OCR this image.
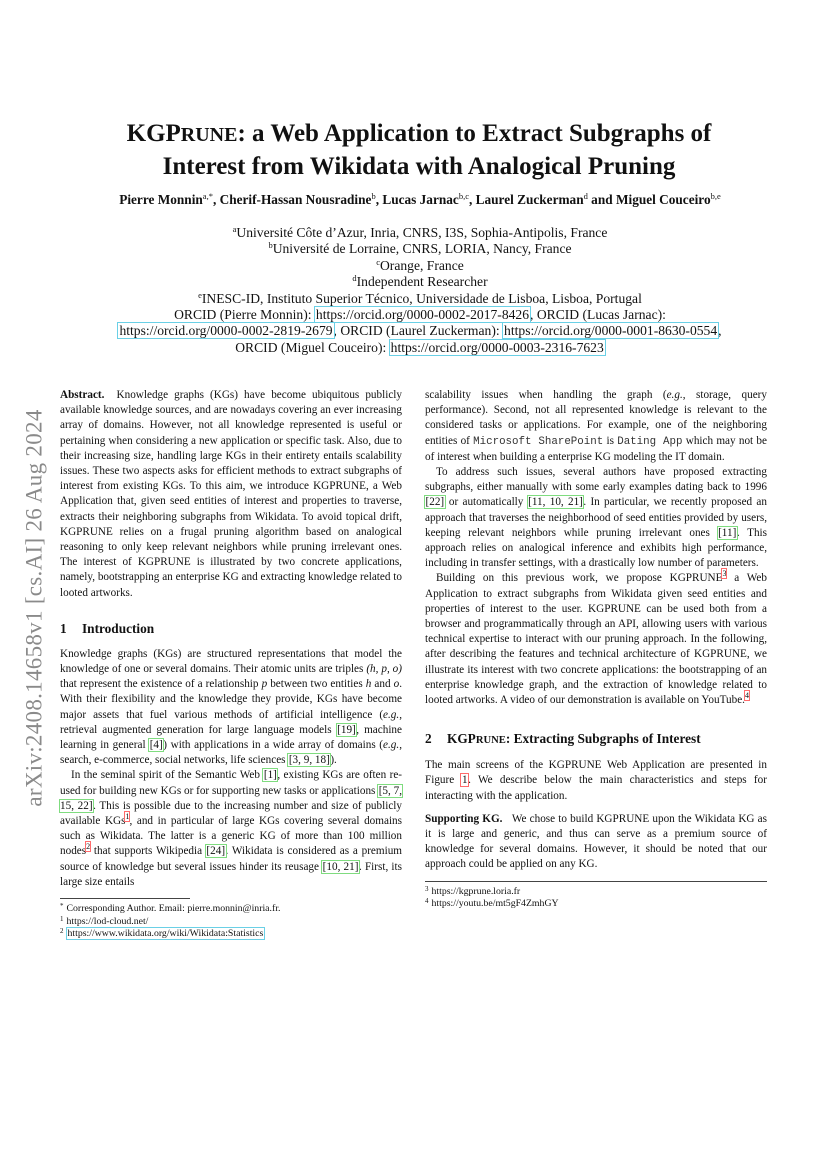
arXiv:2408.14658v1 [cs.AI] 26 Aug 2024
KGPRUNE: a Web Application to Extract Subgraphs of
Interest from Wikidata with Analogical Pruning
Pierre Monnin$^{a,*}$, Cherif-Hassan Nousradine$^b$, Lucas Jarnac$^{b,c}$, Laurel Zuckerman$^d$ and Miguel Couceiro$^{b,e}$
$^a$Université Côte d’Azur, Inria, CNRS, I3S, Sophia-Antipolis, France
$^b$Université de Lorraine, CNRS, LORIA, Nancy, France
$^c$Orange, France
$^d$Independent Researcher
$^e$INESC-ID, Instituto Superior Técnico, Universidade de Lisboa, Lisboa, Portugal
ORCID (Pierre Monnin): https://orcid.org/0000-0002-2017-8426, ORCID (Lucas Jarnac):
https://orcid.org/0000-0002-2819-2679, ORCID (Laurel Zuckerman): https://orcid.org/0000-0001-8630-0554,
ORCID (Miguel Couceiro): https://orcid.org/0000-0003-2316-7623

Abstract. Knowledge graphs (KGs) have become ubiquitous publicly available knowledge sources, and are nowadays covering an ever increasing array of domains. However, not all knowledge represented is useful or pertaining when considering a new application or specific task. Also, due to their increasing size, handling large KGs in their entirety entails scalability issues. These two aspects asks for efficient methods to extract subgraphs of interest from existing KGs. To this aim, we introduce KGPRUNE, a Web Application that, given seed entities of interest and properties to traverse, extracts their neighboring subgraphs from Wikidata. To avoid topical drift, KGPRUNE relies on a frugal pruning algorithm based on analogical reasoning to only keep relevant neighbors while pruning irrelevant ones. The interest of KGPRUNE is illustrated by two concrete applications, namely, bootstrapping an enterprise KG and extracting knowledge related to looted artworks.

1 Introduction

Knowledge graphs (KGs) are structured representations that model the knowledge of one or several domains. Their atomic units are triples (h, p, o) that represent the existence of a relationship p between two entities h and o. With their flexibility and the knowledge they provide, KGs have become major assets that fuel various methods of artificial intelligence (e.g., retrieval augmented generation for large language models [19], machine learning in general [4]) with applications in a wide array of domains (e.g., search, e-commerce, social networks, life sciences [3, 9, 18]).

In the seminal spirit of the Semantic Web [1], existing KGs are often re-used for building new KGs or for supporting new tasks or applications [5, 7, 15, 22]. This is possible due to the increasing number and size of publicly available KGs$^1$, and in particular of large KGs covering several domains such as Wikidata. The latter is a generic KG of more than 100 million nodes$^2$ that supports Wikipedia [24]. Wikidata is considered as a premium source of knowledge but several issues hinder its reusage [10, 21]. First, its large size entails

* Corresponding Author. Email: pierre.monnin@inria.fr.
$^1$ https://lod-cloud.net/
$^2$ https://www.wikidata.org/wiki/Wikidata:Statistics

scalability issues when handling the graph (e.g., storage, query performance). Second, not all represented knowledge is relevant to the considered tasks or applications. For example, one of the neighboring entities of Microsoft SharePoint is Dating App which may not be of interest when building a enterprise KG modeling the IT domain.

To address such issues, several authors have proposed extracting subgraphs, either manually with some early examples dating back to 1996 [22] or automatically [11, 10, 21]. In particular, we recently proposed an approach that traverses the neighborhood of seed entities provided by users, keeping relevant neighbors while pruning irrelevant ones [11]. This approach relies on analogical inference and exhibits high performance, including in transfer settings, with a drastically low number of parameters.

Building on this previous work, we propose KGPRUNE$^3$ a Web Application to extract subgraphs from Wikidata given seed entities and properties of interest to the user. KGPRUNE can be used both from a browser and programmatically through an API, allowing users with various technical expertise to interact with our pruning approach. In the following, after describing the features and technical architecture of KGPRUNE, we illustrate its interest with two concrete applications: the bootstrapping of an enterprise knowledge graph, and the extraction of knowledge related to looted artworks. A video of our demonstration is available on YouTube.$^4$

2 KGPRUNE: Extracting Subgraphs of Interest

The main screens of the KGPRUNE Web Application are presented in Figure 1. We describe below the main characteristics and steps for interacting with the application.

Supporting KG. We chose to build KGPRUNE upon the Wikidata KG as it is large and generic, and thus can serve as a premium source of knowledge for several domains. However, it should be noted that our approach could be applied on any KG.

$^3$ https://kgprune.loria.fr
$^4$ https://youtu.be/mt5gF4ZmhGY
